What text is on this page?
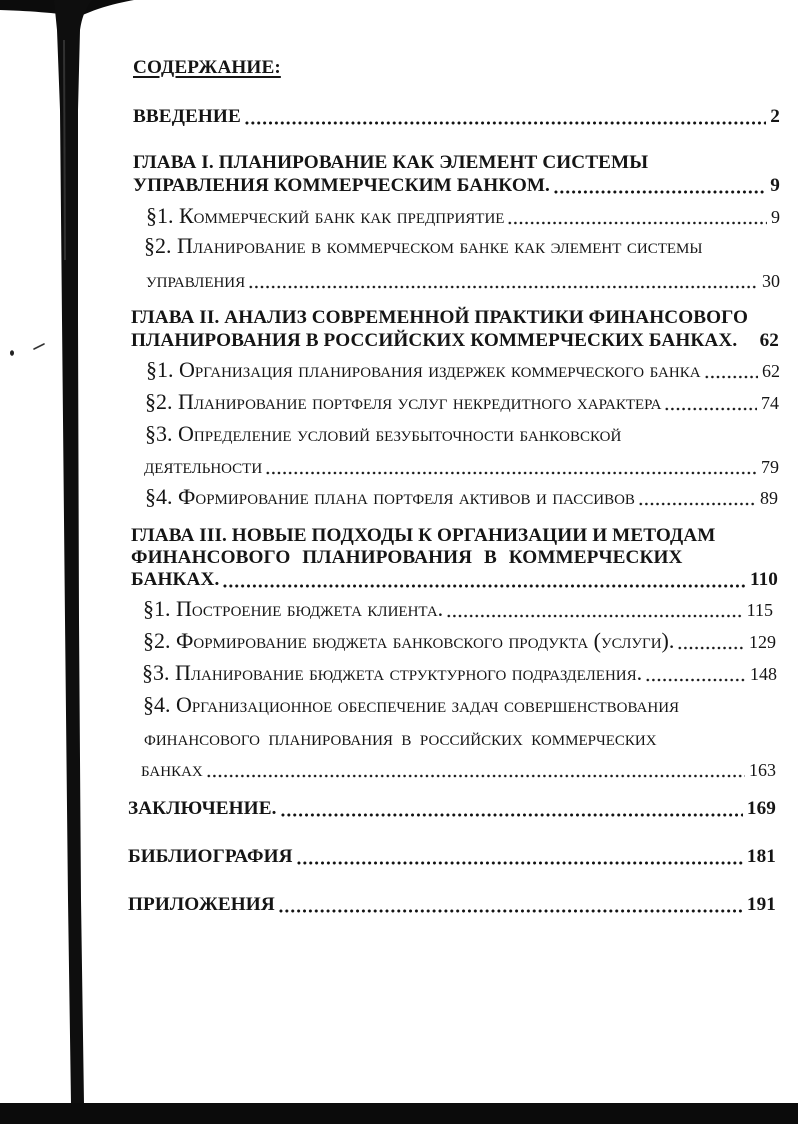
СОДЕРЖАНИЕ:
ВВЕДЕНИЕ	2
ГЛАВА I. ПЛАНИРОВАНИЕ КАК ЭЛЕМЕНТ СИСТЕМЫ
УПРАВЛЕНИЯ КОММЕРЧЕСКИМ БАНКОМ.	9
§1. Коммерческий банк как предприятие	9
§2. Планирование в коммерческом банке как элемент системы
управления	30
ГЛАВА II. АНАЛИЗ СОВРЕМЕННОЙ ПРАКТИКИ ФИНАНСОВОГО
ПЛАНИРОВАНИЯ В РОССИЙСКИХ КОММЕРЧЕСКИХ БАНКАХ. 62
§1. Организация планирования издержек коммерческого банка	62
§2. Планирование портфеля услуг некредитного характера	74
§3. Определение условий безубыточности банковской
деятельности	79
§4. Формирование плана портфеля активов и пассивов	89
ГЛАВА III. НОВЫЕ ПОДХОДЫ К ОРГАНИЗАЦИИ И МЕТОДАМ
ФИНАНСОВОГО ПЛАНИРОВАНИЯ В КОММЕРЧЕСКИХ
БАНКАХ.	110
§1. Построение бюджета клиента.	115
§2. Формирование бюджета банковского продукта (услуги).	129
§3. Планирование бюджета структурного подразделения.	148
§4. Организационное обеспечение задач совершенствования
финансового планирования в российских коммерческих
банках	163
ЗАКЛЮЧЕНИЕ.	169
БИБЛИОГРАФИЯ	181
ПРИЛОЖЕНИЯ	191
